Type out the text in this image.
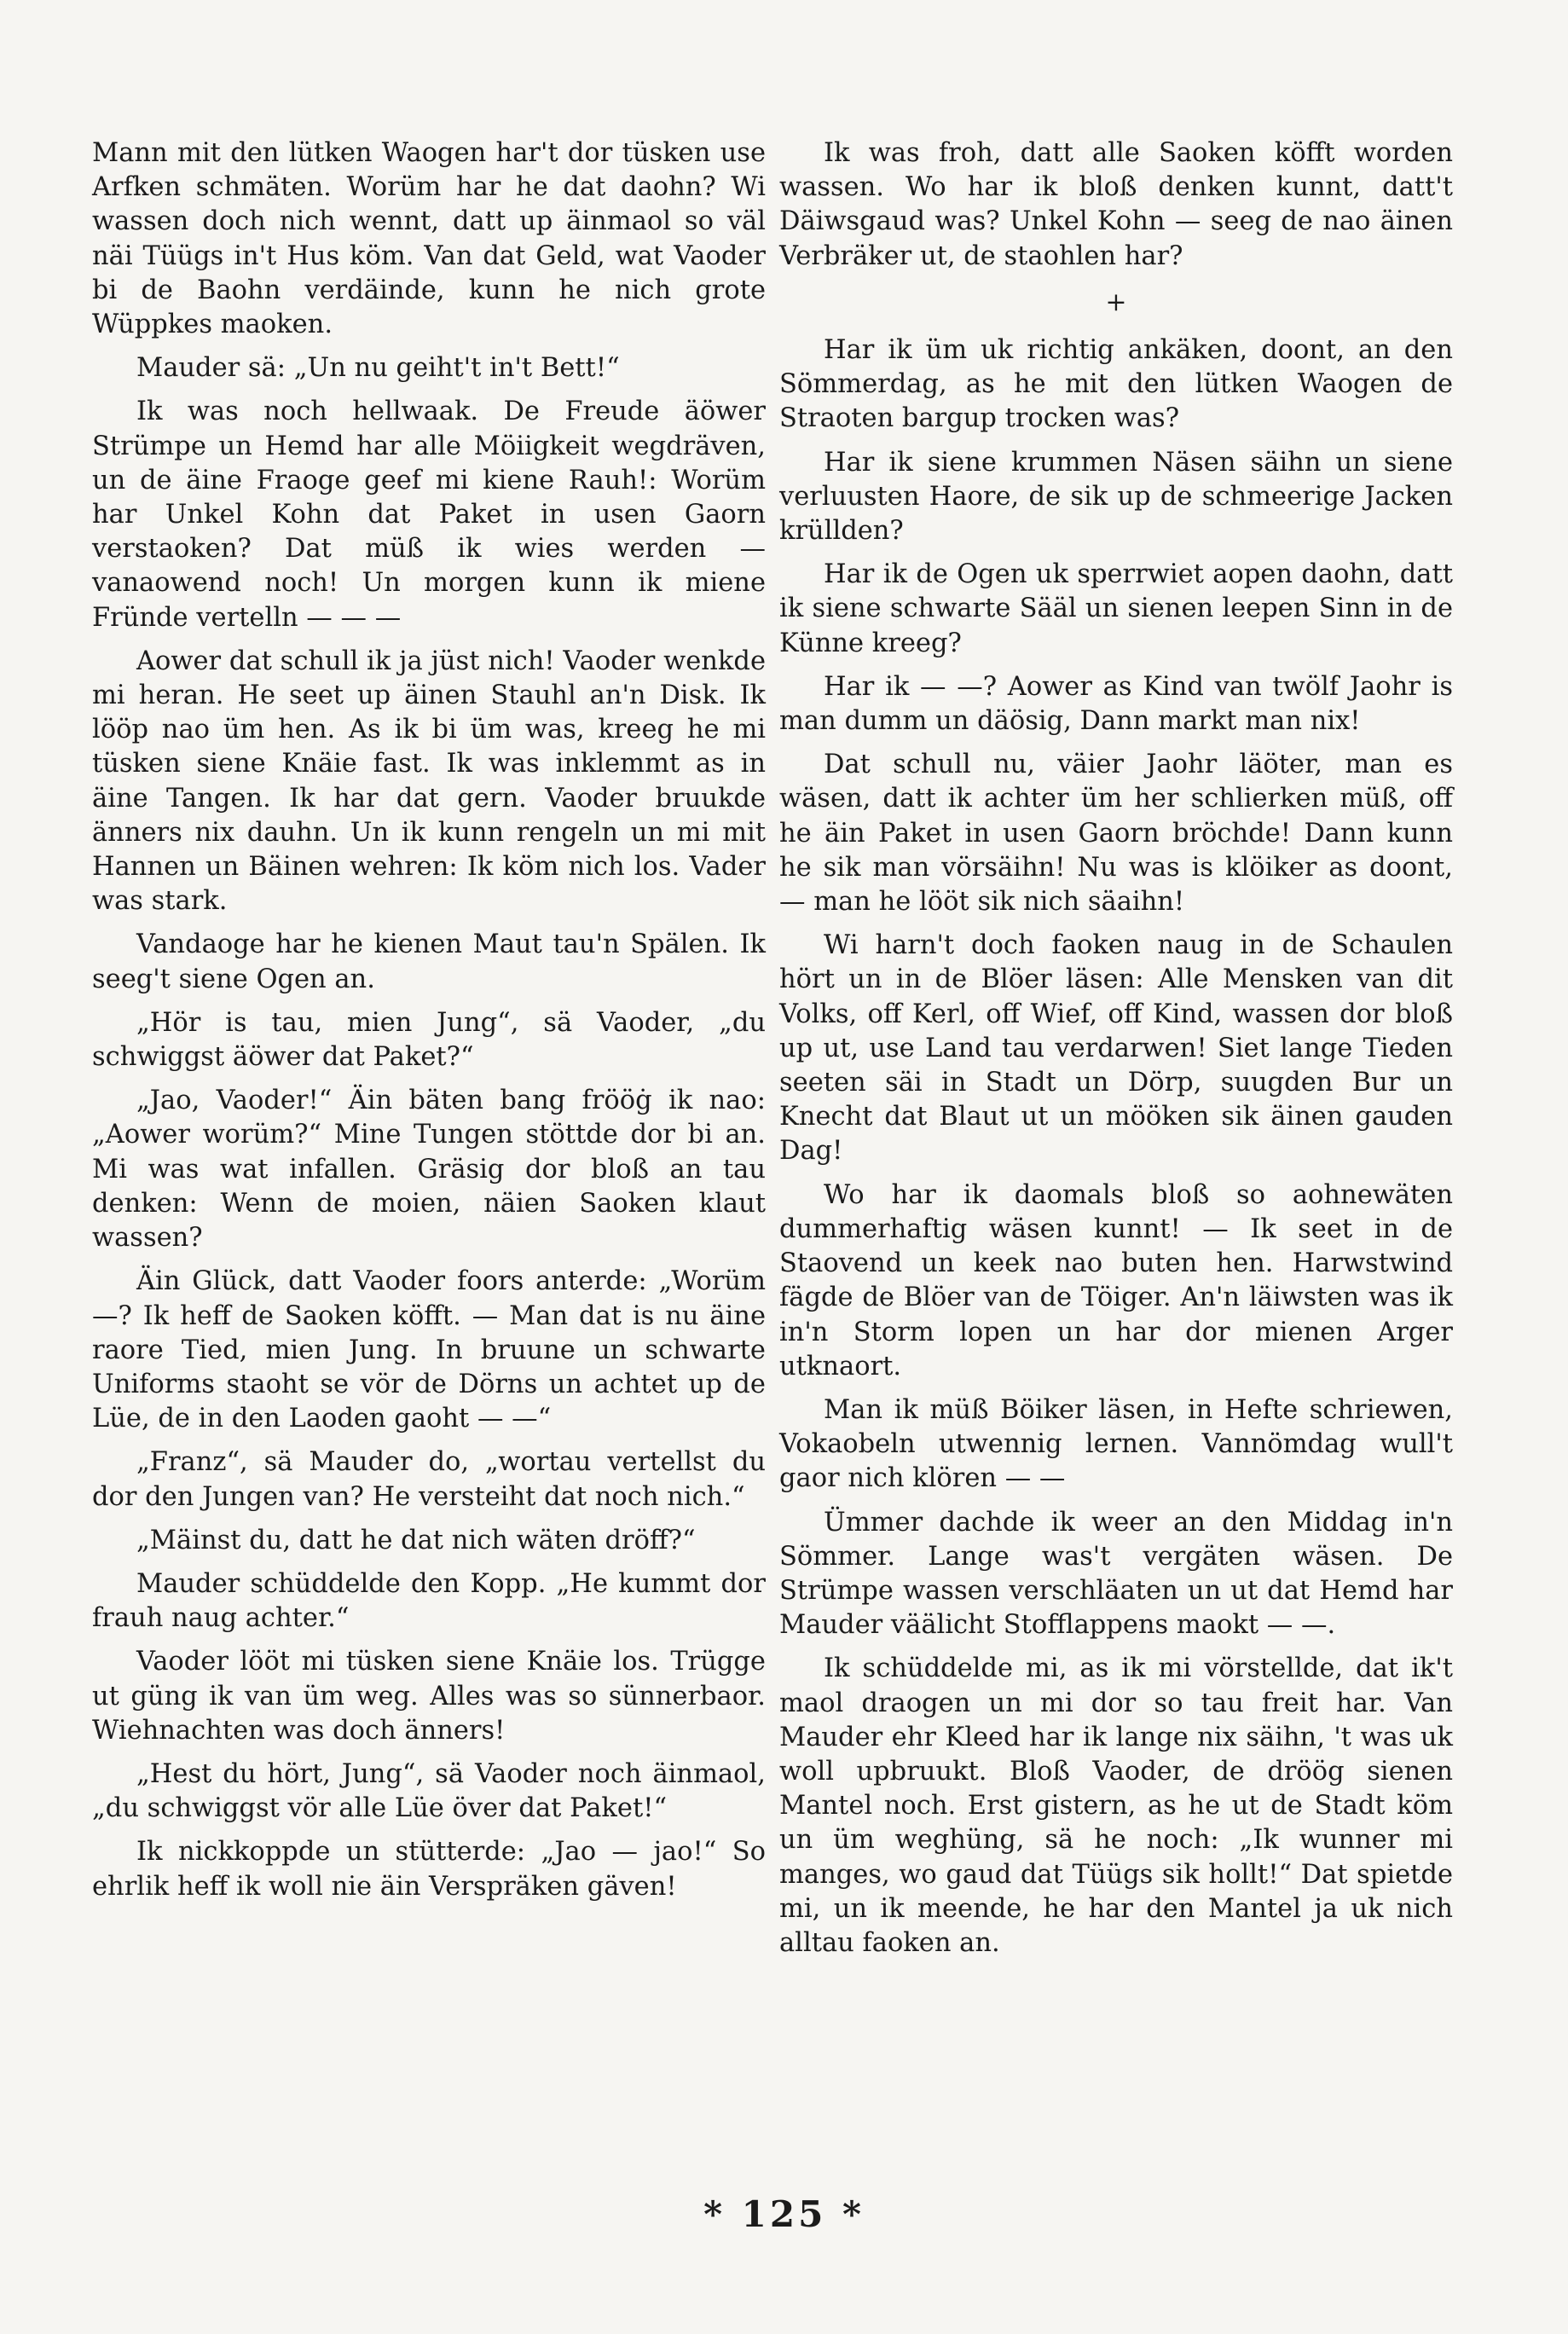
Mann mit den lütken Waogen har't dor tüsken use Arfken schmäten. Worüm har he dat daohn? Wi wassen doch nich wennt, datt up äinmaol so väl näi Tüügs in't Hus köm. Van dat Geld, wat Vaoder bi de Baohn verdäinde, kunn he nich grote Wüppkes maoken.

Mauder sä: „Un nu geiht't in't Bett!“

Ik was noch hellwaak. De Freude äöwer Strümpe un Hemd har alle Möiigkeit wegdräven, un de äine Fraoge geef mi kiene Rauh!: Worüm har Unkel Kohn dat Paket in usen Gaorn verstaoken? Dat müß ik wies werden — vanaowend noch! Un morgen kunn ik miene Fründe vertelln — — —

Aower dat schull ik ja jüst nich! Vaoder wenkde mi heran. He seet up äinen Stauhl an'n Disk. Ik lööp nao üm hen. As ik bi üm was, kreeg he mi tüsken siene Knäie fast. Ik was inklemmt as in äine Tangen. Ik har dat gern. Vaoder bruukde änners nix dauhn. Un ik kunn rengeln un mi mit Hannen un Bäinen wehren: Ik köm nich los. Vader was stark.

Vandaoge har he kienen Maut tau'n Spälen. Ik seeg't siene Ogen an.

„Hör is tau, mien Jung“, sä Vaoder, „du schwiggst äöwer dat Paket?“

„Jao, Vaoder!“ Äin bäten bang frööġ ik nao: „Aower worüm?“ Mine Tungen stöttde dor bi an. Mi was wat infallen. Gräsig dor bloß an tau denken: Wenn de moien, näien Saoken klaut wassen?

Äin Glück, datt Vaoder foors anterde: „Worüm —? Ik heff de Saoken köfft. — Man dat is nu äine raore Tied, mien Jung. In bruune un schwarte Uniforms staoht se vör de Dörns un achtet up de Lüe, de in den Laoden gaoht — —“

„Franz“, sä Mauder do, „wortau vertellst du dor den Jungen van? He versteiht dat noch nich.“

„Mäinst du, datt he dat nich wäten dröff?“

Mauder schüddelde den Kopp. „He kummt dor frauh naug achter.“

Vaoder lööt mi tüsken siene Knäie los. Trügge ut güng ik van üm weg. Alles was so sünnerbaor. Wiehnachten was doch änners!

„Hest du hört, Jung“, sä Vaoder noch äinmaol, „du schwiggst vör alle Lüe över dat Paket!“

Ik nickkoppde un stütterde: „Jao — jao!“ So ehrlik heff ik woll nie äin Verspräken gäven!

Ik was froh, datt alle Saoken köfft worden wassen. Wo har ik bloß denken kunnt, datt't Däiwsgaud was? Unkel Kohn — seeg de nao äinen Verbräker ut, de staohlen har?

+

Har ik üm uk richtig ankäken, doont, an den Sömmerdag, as he mit den lütken Waogen de Straoten bargup trocken was?

Har ik siene krummen Näsen säihn un siene verluusten Haore, de sik up de schmeerige Jacken krüllden?

Har ik de Ogen uk sperrwiet aopen daohn, datt ik siene schwarte Sääl un sienen leepen Sinn in de Künne kreeg?

Har ik — —? Aower as Kind van twölf Jaohr is man dumm un däösig, Dann markt man nix!

Dat schull nu, väier Jaohr läöter, man es wäsen, datt ik achter üm her schlierken müß, off he äin Paket in usen Gaorn bröchde! Dann kunn he sik man vörsäihn! Nu was is klöiker as doont, — man he lööt sik nich säaihn!

Wi harn't doch faoken naug in de Schaulen hört un in de Blöer läsen: Alle Mensken van dit Volks, off Kerl, off Wief, off Kind, wassen dor bloß up ut, use Land tau verdarwen! Siet lange Tieden seeten säi in Stadt un Dörp, suugden Bur un Knecht dat Blaut ut un mööken sik äinen gauden Dag!

Wo har ik daomals bloß so aohnewäten dummerhaftig wäsen kunnt! — Ik seet in de Staovend un keek nao buten hen. Harwstwind fägde de Blöer van de Töiger. An'n läiwsten was ik in'n Storm lopen un har dor mienen Arger utknaort.

Man ik müß Böiker läsen, in Hefte schriewen, Vokaobeln utwennig lernen. Vannömdag wull't gaor nich klören — —

Ümmer dachde ik weer an den Middag in'n Sömmer. Lange was't vergäten wäsen. De Strümpe wassen verschläaten un ut dat Hemd har Mauder väälicht Stofflappens maokt — —.

Ik schüddelde mi, as ik mi vörstellde, dat ik't maol draogen un mi dor so tau freit har. Van Mauder ehr Kleed har ik lange nix säihn, 't was uk woll upbruukt. Bloß Vaoder, de dröög sienen Mantel noch. Erst gistern, as he ut de Stadt köm un üm weghüng, sä he noch: „Ik wunner mi manges, wo gaud dat Tüügs sik hollt!“ Dat spietde mi, un ik meende, he har den Mantel ja uk nich alltau faoken an.

* 125 *
